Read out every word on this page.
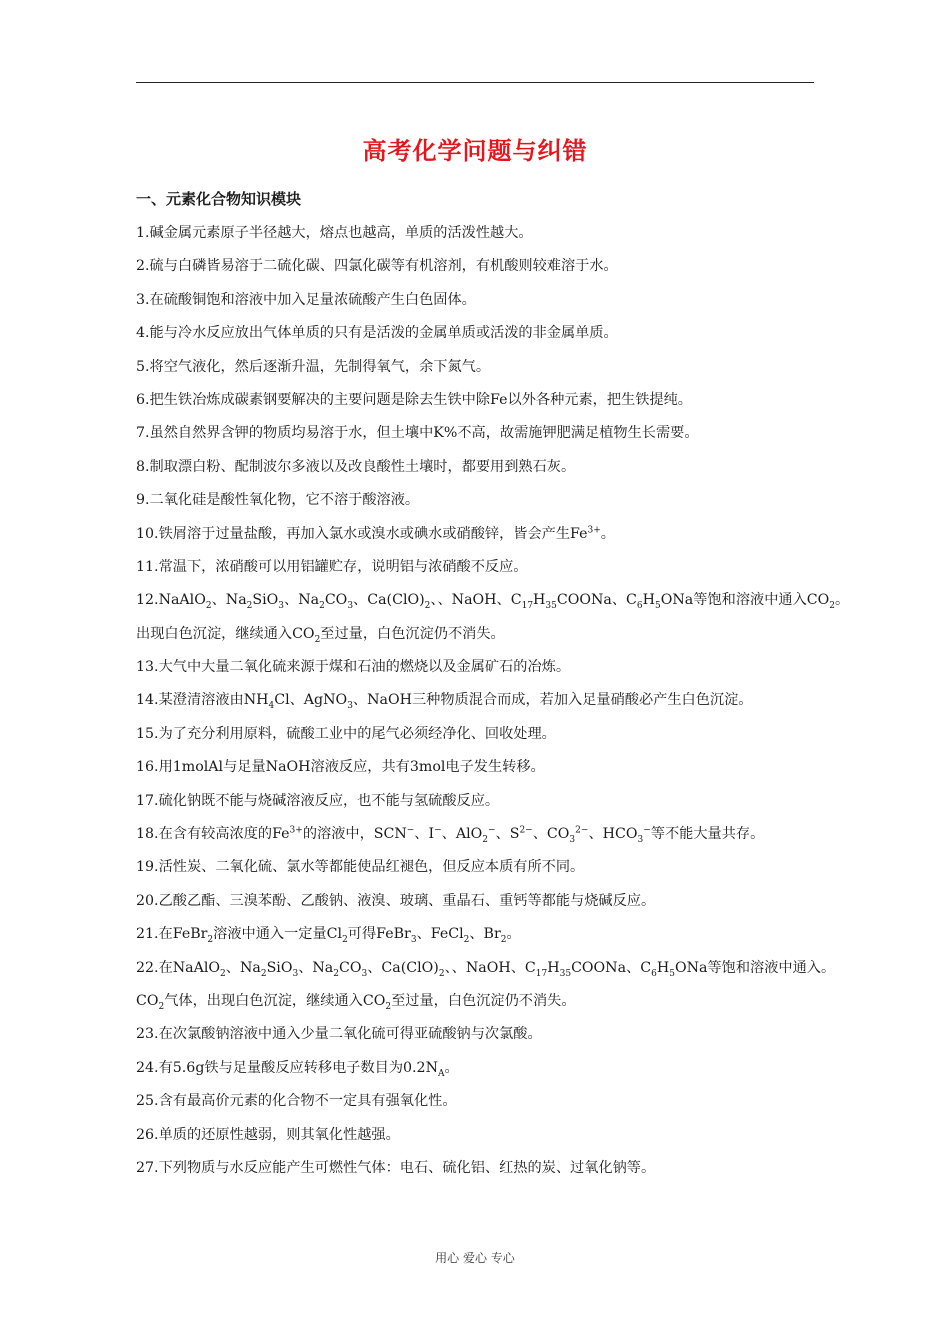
高考化学问题与纠错
一、元素化合物知识模块
1.碱金属元素原子半径越大，熔点也越高，单质的活泼性越大。
2.硫与白磷皆易溶于二硫化碳、四氯化碳等有机溶剂，有机酸则较难溶于水。
3.在硫酸铜饱和溶液中加入足量浓硫酸产生白色固体。
4.能与冷水反应放出气体单质的只有是活泼的金属单质或活泼的非金属单质。
5.将空气液化，然后逐渐升温，先制得氧气，余下氮气。
6.把生铁冶炼成碳素钢要解决的主要问题是除去生铁中除Fe以外各种元素，把生铁提纯。
7.虽然自然界含钾的物质均易溶于水，但土壤中K%不高，故需施钾肥满足植物生长需要。
8.制取漂白粉、配制波尔多液以及改良酸性土壤时，都要用到熟石灰。
9.二氧化硅是酸性氧化物，它不溶于酸溶液。
10.铁屑溶于过量盐酸，再加入氯水或溴水或碘水或硝酸锌，皆会产生$Fe^{3+}$。
11.常温下，浓硝酸可以用铝罐贮存，说明铝与浓硝酸不反应。
12.NaAlO$_2$、$Na_2SiO_3$、$Na_2CO_3$、$Ca(ClO)_2$、、NaOH、$C_{17}H_{35}COONa$、$C_6H_5ONa$等饱和溶液中通入$CO_2$。
出现白色沉淀，继续通入$CO_2$至过量，白色沉淀仍不消失。
13.大气中大量二氧化硫来源于煤和石油的燃烧以及金属矿石的冶炼。
14.某澄清溶液由$NH_4Cl$、AgNO$_3$、NaOH三种物质混合而成，若加入足量硝酸必产生白色沉淀。
15.为了充分利用原料，硫酸工业中的尾气必须经净化、回收处理。
16.用1molAl与足量NaOH溶液反应，共有3mol电子发生转移。
17.硫化钠既不能与烧碱溶液反应，也不能与氢硫酸反应。
18.在含有较高浓度的$Fe^{3+}$的溶液中，SCN−、I−、AlO$_2$−、$S^{2-}$、$CO_3^{2-}$、$HCO_3^-$等不能大量共存。
19.活性炭、二氧化硫、氯水等都能使品红褪色，但反应本质有所不同。
20.乙酸乙酯、三溴苯酚、乙酸钠、液溴、玻璃、重晶石、重钙等都能与烧碱反应。
21.在FeBr$_2$溶液中通入一定量$Cl_2$可得FeBr$_3$、FeCl$_2$、$Br_2$。
22.在NaAlO$_2$、$Na_2SiO_3$、$Na_2CO_3$、$Ca(ClO)_2$、、NaOH、$C_{17}H_{35}COONa$、$C_6H_5ONa$等饱和溶液中通入。
$CO_2$气体，出现白色沉淀，继续通入$CO_2$至过量，白色沉淀仍不消失。
23.在次氯酸钠溶液中通入少量二氧化硫可得亚硫酸钠与次氯酸。
24.有5.6g铁与足量酸反应转移电子数目为$0.2N_A$。
25.含有最高价元素的化合物不一定具有强氧化性。
26.单质的还原性越弱，则其氧化性越强。
27.下列物质与水反应能产生可燃性气体：电石、硫化铝、红热的炭、过氧化钠等。
用心 爱心 专心
